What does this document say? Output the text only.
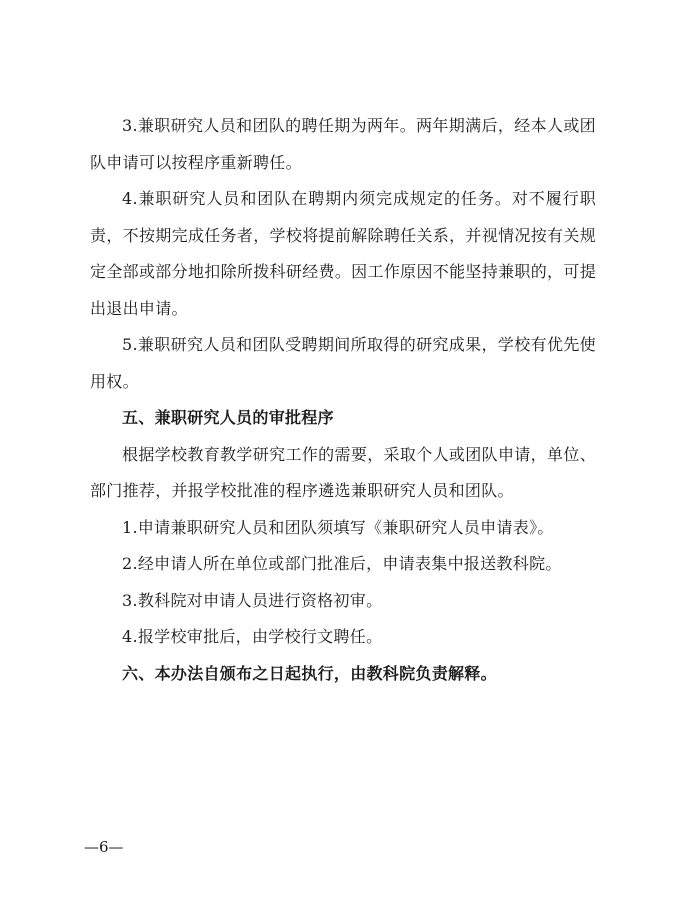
3.兼职研究人员和团队的聘任期为两年。两年期满后，经本人或团队申请可以按程序重新聘任。

4.兼职研究人员和团队在聘期内须完成规定的任务。对不履行职责，不按期完成任务者，学校将提前解除聘任关系，并视情况按有关规定全部或部分地扣除所拨科研经费。因工作原因不能坚持兼职的，可提出退出申请。

5.兼职研究人员和团队受聘期间所取得的研究成果，学校有优先使用权。

五、兼职研究人员的审批程序

根据学校教育教学研究工作的需要，采取个人或团队申请，单位、部门推荐，并报学校批准的程序遴选兼职研究人员和团队。

1.申请兼职研究人员和团队须填写《兼职研究人员申请表》。

2.经申请人所在单位或部门批准后，申请表集中报送教科院。

3.教科院对申请人员进行资格初审。

4.报学校审批后，由学校行文聘任。

六、本办法自颁布之日起执行，由教科院负责解释。

—6—
